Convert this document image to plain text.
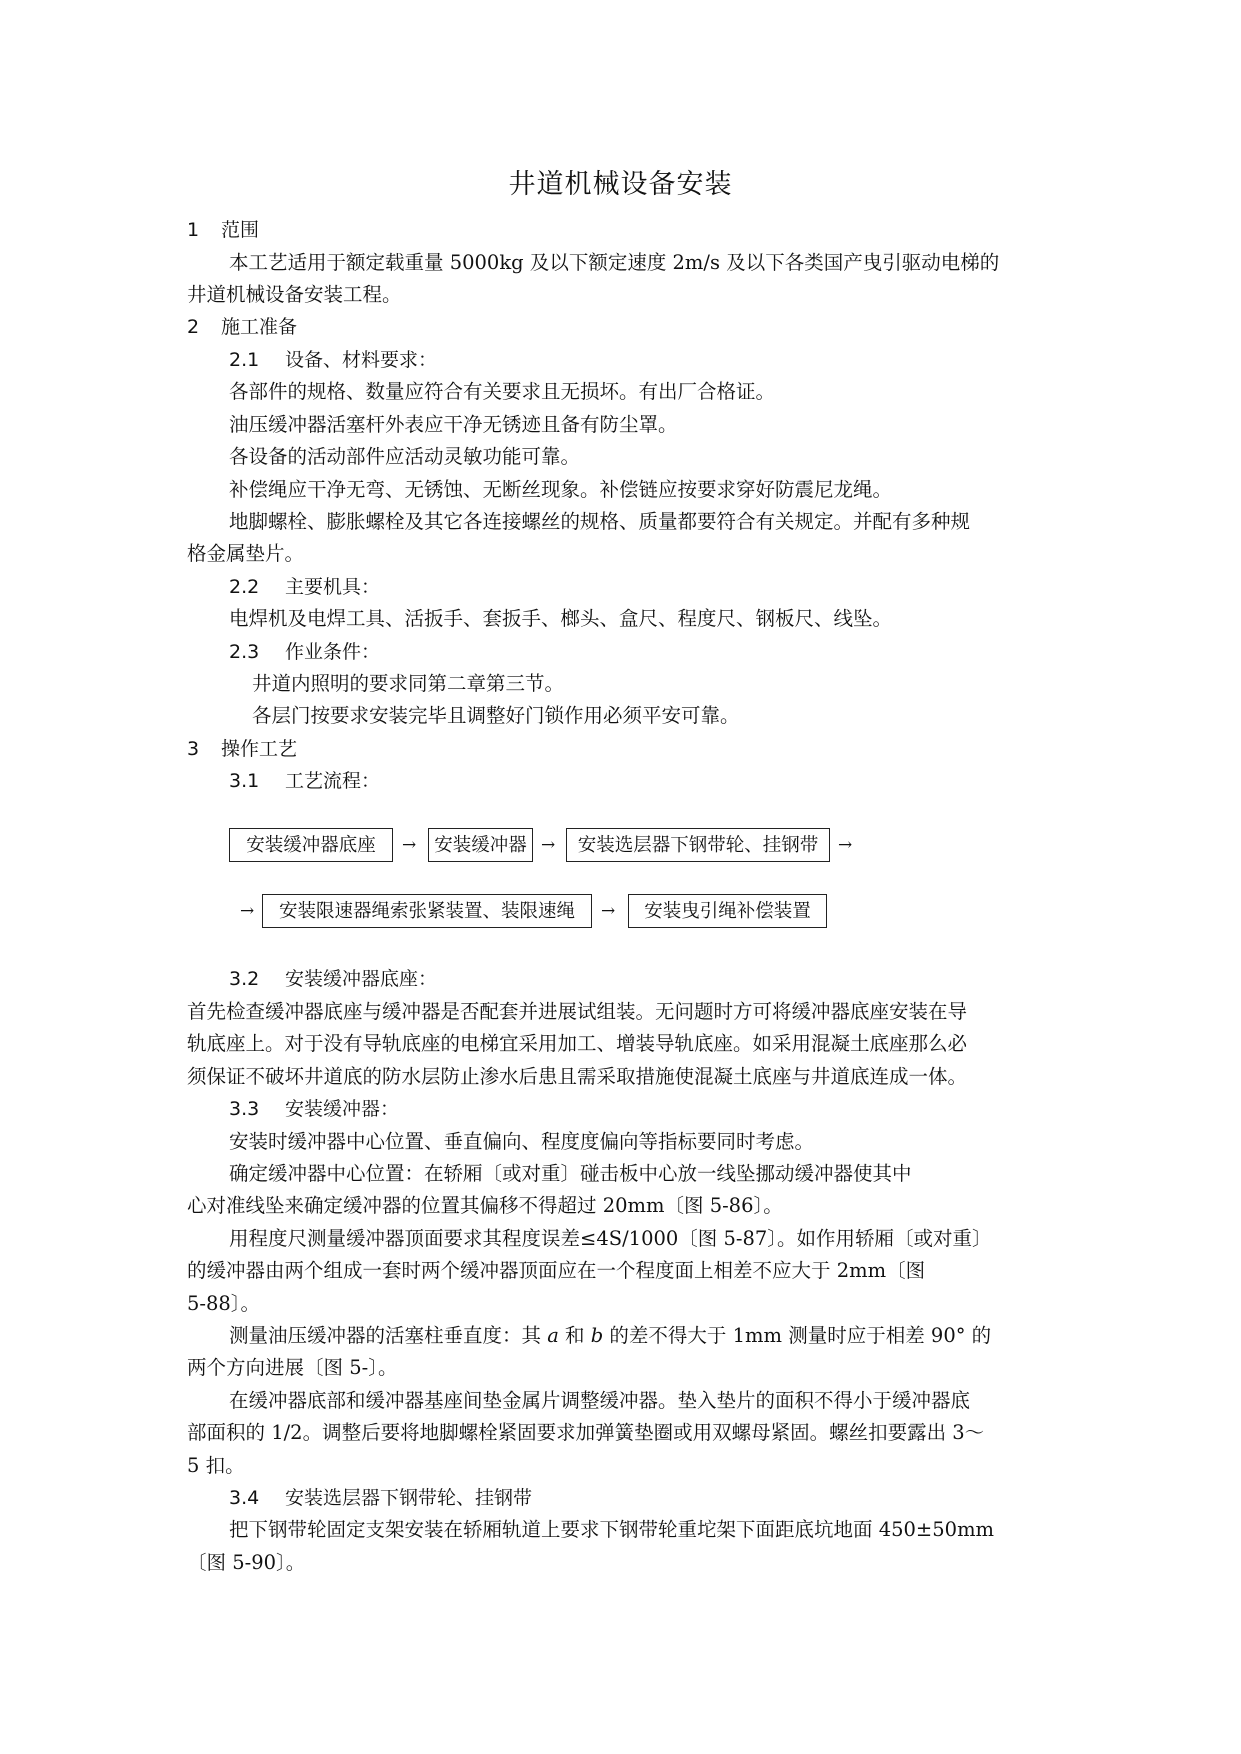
井道机械设备安装
1 范围
本工艺适用于额定载重量 5000kg 及以下额定速度 2m/s 及以下各类国产曳引驱动电梯的
井道机械设备安装工程。
2 施工准备
2.1 设备、材料要求：
各部件的规格、数量应符合有关要求且无损坏。有出厂合格证。
油压缓冲器活塞杆外表应干净无锈迹且备有防尘罩。
各设备的活动部件应活动灵敏功能可靠。
补偿绳应干净无弯、无锈蚀、无断丝现象。补偿链应按要求穿好防震尼龙绳。
地脚螺栓、膨胀螺栓及其它各连接螺丝的规格、质量都要符合有关规定。并配有多种规
格金属垫片。
2.2 主要机具：
电焊机及电焊工具、活扳手、套扳手、榔头、盒尺、程度尺、钢板尺、线坠。
2.3 作业条件：
井道内照明的要求同第二章第三节。
各层门按要求安装完毕且调整好门锁作用必须平安可靠。
3 操作工艺
3.1 工艺流程：
安装缓冲器底座	→ 安装缓冲器 →	安装选层器下钢带轮、挂钢带	→
→	安装限速器绳索张紧装置、装限速绳	→	安装曳引绳补偿装置
3.2 安装缓冲器底座：
首先检查缓冲器底座与缓冲器是否配套并进展试组装。无问题时方可将缓冲器底座安装在导
轨底座上。对于没有导轨底座的电梯宜采用加工、增装导轨底座。如采用混凝土底座那么必
须保证不破坏井道底的防水层防止渗水后患且需采取措施使混凝土底座与井道底连成一体。
3.3 安装缓冲器：
安装时缓冲器中心位置、垂直偏向、程度度偏向等指标要同时考虑。
确定缓冲器中心位置：在轿厢〔或对重〕碰击板中心放一线坠挪动缓冲器使其中
心对准线坠来确定缓冲器的位置其偏移不得超过 20mm〔图 5-86〕。
用程度尺测量缓冲器顶面要求其程度误差≤4S/1000〔图 5-87〕。如作用轿厢〔或对重〕
的缓冲器由两个组成一套时两个缓冲器顶面应在一个程度面上相差不应大于 2mm〔图
5-88〕。
测量油压缓冲器的活塞柱垂直度：其 a 和 b 的差不得大于 1mm 测量时应于相差 90° 的
两个方向进展〔图 5-〕。
在缓冲器底部和缓冲器基座间垫金属片调整缓冲器。垫入垫片的面积不得小于缓冲器底
部面积的 1/2。调整后要将地脚螺栓紧固要求加弹簧垫圈或用双螺母紧固。螺丝扣要露出 3～
5 扣。
3.4 安装选层器下钢带轮、挂钢带
把下钢带轮固定支架安装在轿厢轨道上要求下钢带轮重坨架下面距底坑地面 450±50mm
〔图 5-90〕。
